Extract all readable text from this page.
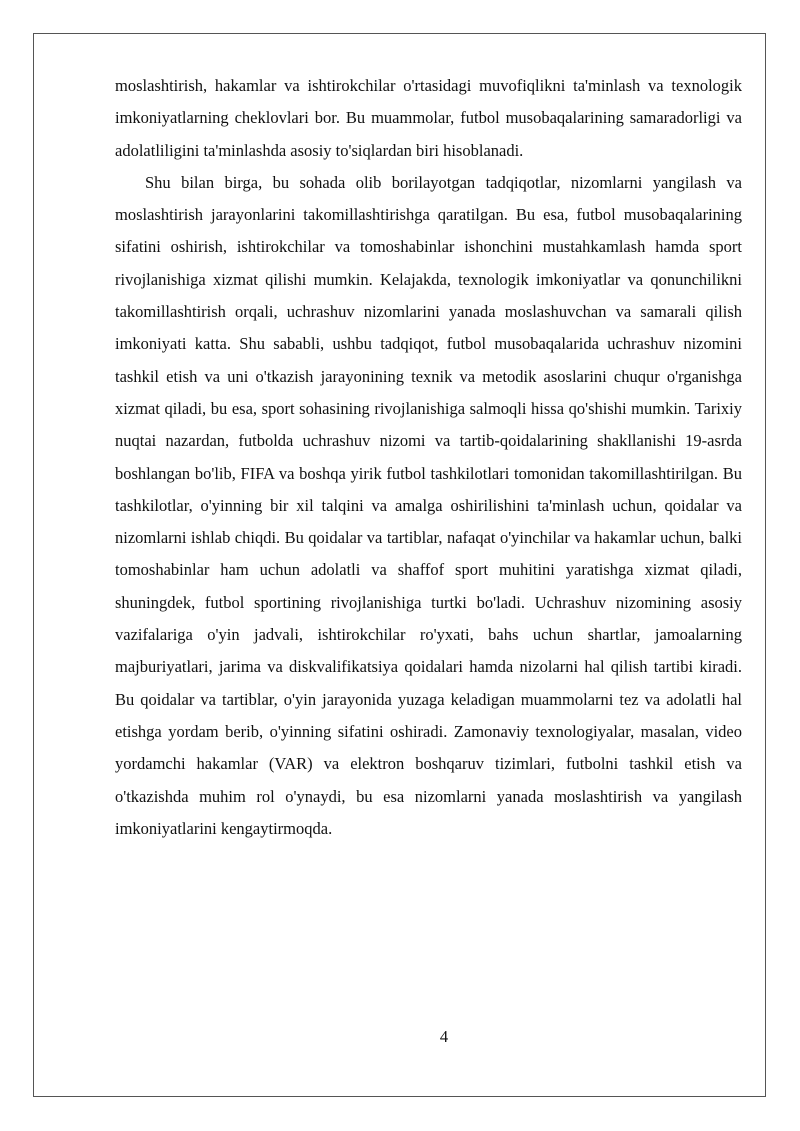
moslashtirish, hakamlar va ishtirokchilar o'rtasidagi muvofiqlikni ta'minlash va texnologik imkoniyatlarning cheklovlari bor. Bu muammolar, futbol musobaqalarining samaradorligi va adolatliligini ta'minlashda asosiy to'siqlardan biri hisoblanadi.

Shu bilan birga, bu sohada olib borilayotgan tadqiqotlar, nizomlarni yangilash va moslashtirish jarayonlarini takomillashtirishga qaratilgan. Bu esa, futbol musobaqalarining sifatini oshirish, ishtirokchilar va tomoshabinlar ishonchini mustahkamlash hamda sport rivojlanishiga xizmat qilishi mumkin. Kelajakda, texnologik imkoniyatlar va qonunchilikni takomillashtirish orqali, uchrashuv nizomlarini yanada moslashuvchan va samarali qilish imkoniyati katta. Shu sababli, ushbu tadqiqot, futbol musobaqalarida uchrashuv nizomini tashkil etish va uni o'tkazish jarayonining texnik va metodik asoslarini chuqur o'rganishga xizmat qiladi, bu esa, sport sohasining rivojlanishiga salmoqli hissa qo'shishi mumkin. Tarixiy nuqtai nazardan, futbolda uchrashuv nizomi va tartib-qoidalarining shakllanishi 19-asrda boshlangan bo'lib, FIFA va boshqa yirik futbol tashkilotlari tomonidan takomillashtirilgan. Bu tashkilotlar, o'yinning bir xil talqini va amalga oshirilishini ta'minlash uchun, qoidalar va nizomlarni ishlab chiqdi. Bu qoidalar va tartiblar, nafaqat o'yinchilar va hakamlar uchun, balki tomoshabinlar ham uchun adolatli va shaffof sport muhitini yaratishga xizmat qiladi, shuningdek, futbol sportining rivojlanishiga turtki bo'ladi. Uchrashuv nizomining asosiy vazifalariga o'yin jadvali, ishtirokchilar ro'yxati, bahs uchun shartlar, jamoalarning majburiyatlari, jarima va diskvalifikatsiya qoidalari hamda nizolarni hal qilish tartibi kiradi. Bu qoidalar va tartiblar, o'yin jarayonida yuzaga keladigan muammolarni tez va adolatli hal etishga yordam berib, o'yinning sifatini oshiradi. Zamonaviy texnologiyalar, masalan, video yordamchi hakamlar (VAR) va elektron boshqaruv tizimlari, futbolni tashkil etish va o'tkazishda muhim rol o'ynaydi, bu esa nizomlarni yanada moslashtirish va yangilash imkoniyatlarini kengaytirmoqda.

4
